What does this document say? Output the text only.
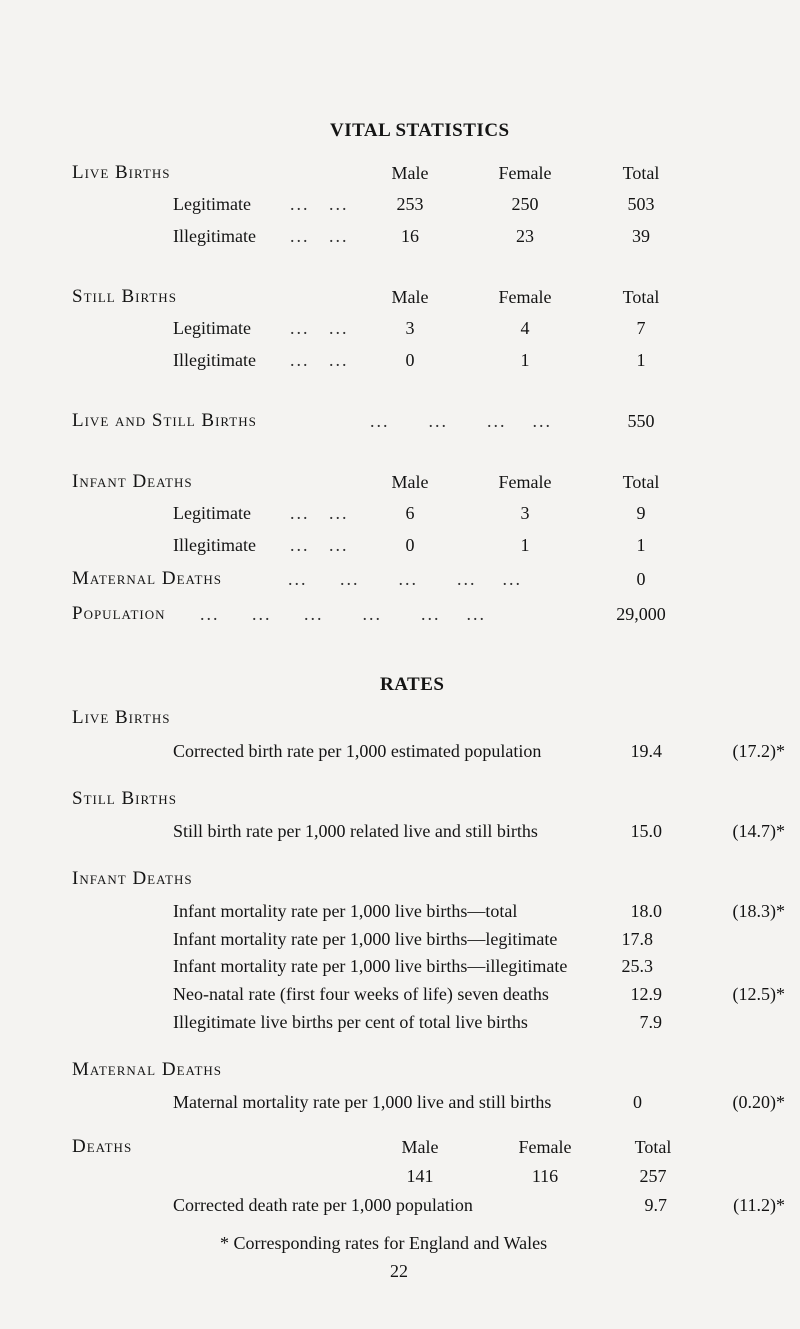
VITAL STATISTICS
Live Births	Male	Female	Total
Legitimate ...   ...	253	250	503
Illegitimate ...   ...	16	23	39
Still Births	Male	Female	Total
Legitimate ...   ...	3	4	7
Illegitimate ...   ...	0	1	1
Live and Still Births	...      ...      ...    ...	550
Infant Deaths	Male	Female	Total
Legitimate ...   ...	6	3	9
Illegitimate ...   ...	0	1	1
Maternal Deaths	...     ...      ...      ...    ...	0
Population ...     ...     ...      ...      ...    ...	29,000
RATES
Live Births
Corrected birth rate per 1,000 estimated population	19.4	(17.2)*
Still Births
Still birth rate per 1,000 related live and still births	15.0	(14.7)*
Infant Deaths
Infant mortality rate per 1,000 live births—total	18.0	(18.3)*
Infant mortality rate per 1,000 live births—legitimate	17.8
Infant mortality rate per 1,000 live births—illegitimate	25.3
Neo-natal rate (first four weeks of life) seven deaths	12.9	(12.5)*
Illegitimate live births per cent of total live births	7.9
Maternal Deaths
Maternal mortality rate per 1,000 live and still births	0	(0.20)*
Deaths	Male	Female	Total
141	116	257
Corrected death rate per 1,000 population	9.7	(11.2)*
* Corresponding rates for England and Wales
22
